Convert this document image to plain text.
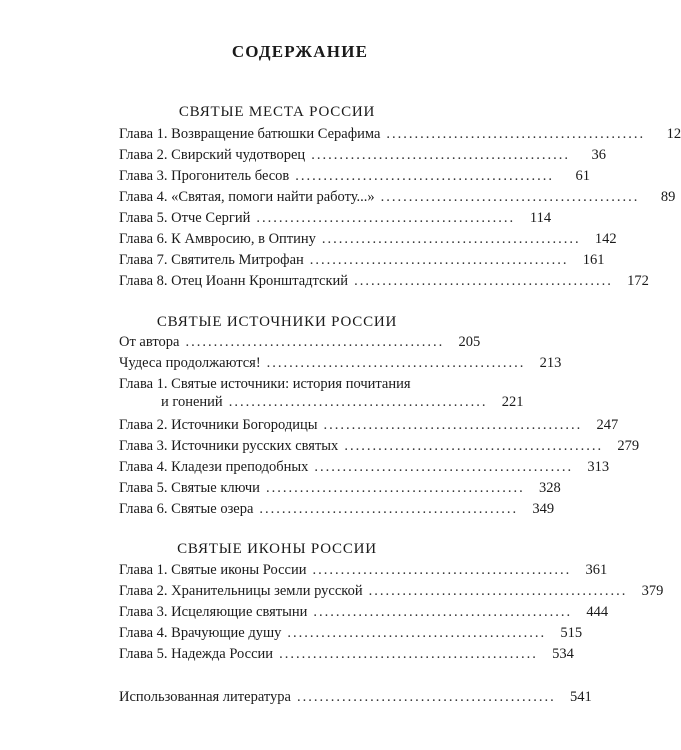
СОДЕРЖАНИЕ
СВЯТЫЕ МЕСТА РОССИИ
Глава 1. Возвращение батюшки Серафима ..............................................	12
Глава 2. Свирский чудотворец ..............................................	36
Глава 3. Прогонитель бесов ..............................................	61
Глава 4. «Святая, помоги найти работу...» ..............................................	89
Глава 5. Отче Сергий ..............................................	114
Глава 6. К Амвросию, в Оптину .............................................. 142
Глава 7. Святитель Митрофан .............................................. 161
Глава 8. Отец Иоанн Кронштадтский .............................................. 172
СВЯТЫЕ ИСТОЧНИКИ РОССИИ
От автора .............................................. 205
Чудеса продолжаются! .............................................. 213
Глава 1. Святые источники: история почитания
и гонений .............................................. 221
Глава 2. Источники Богородицы .............................................. 247
Глава 3. Источники русских святых .............................................. 279
Глава 4. Кладези преподобных .............................................. 313
Глава 5. Святые ключи .............................................. 328
Глава 6. Святые озера .............................................. 349
СВЯТЫЕ ИКОНЫ РОССИИ
Глава 1. Святые иконы России .............................................. 361
Глава 2. Хранительницы земли русской .............................................. 379
Глава 3. Исцеляющие святыни .............................................. 444
Глава 4. Врачующие душу .............................................. 515
Глава 5. Надежда России .............................................. 534
Использованная литература .............................................. 541
